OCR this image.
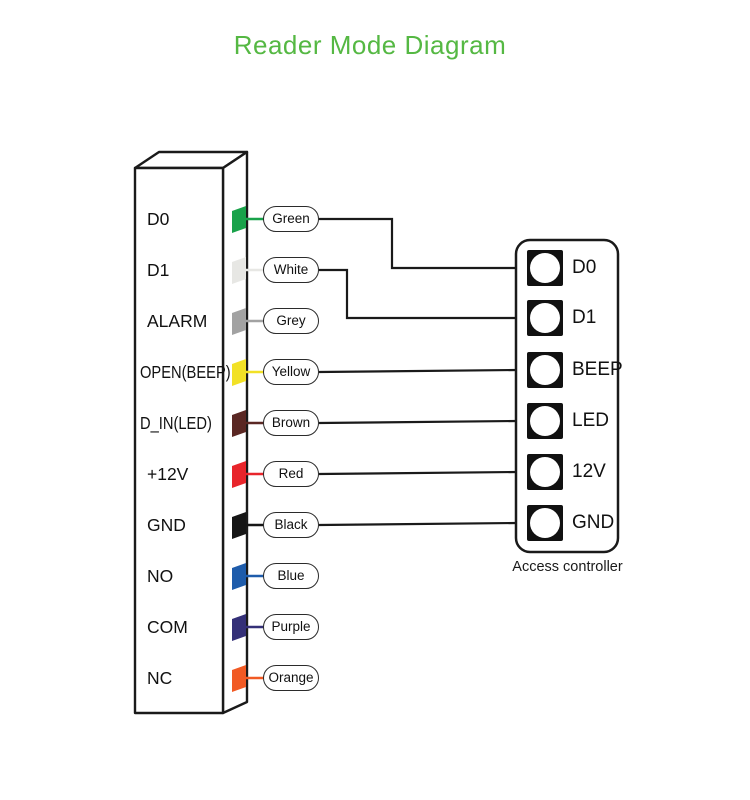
Reader Mode Diagram
D0
D1
ALARM
OPEN(BEEP)
D_IN(LED)
+12V
GND
NO
COM
NC
Green
White
Grey
Yellow
Brown
Red
Black
Blue
Purple
Orange
D0
D1
BEEP
LED
12V
GND
Access controller
